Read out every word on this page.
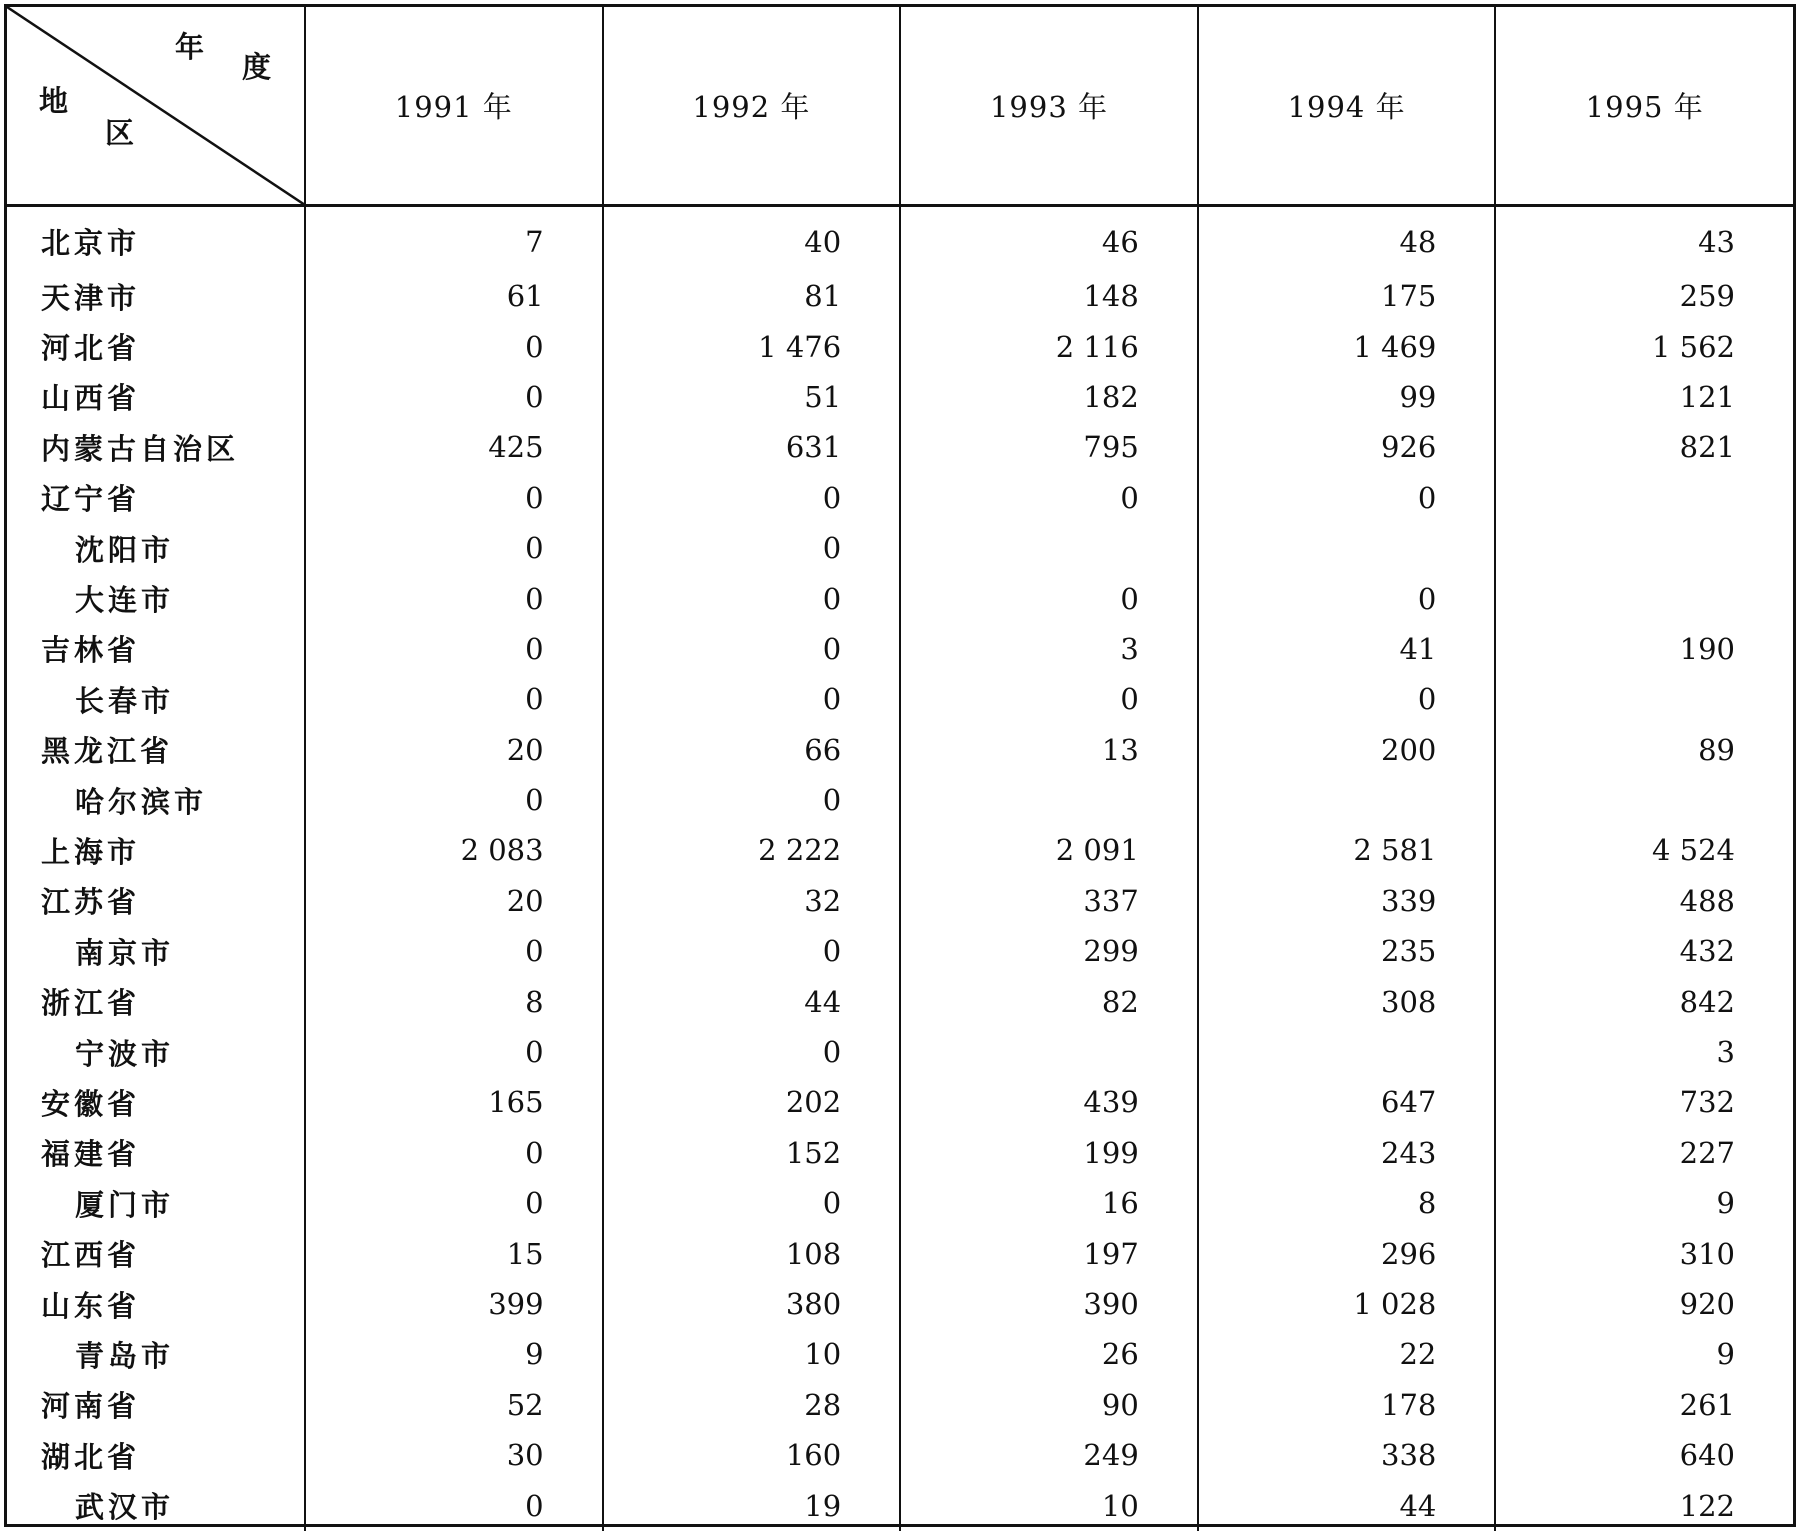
年
度
地
区	1991 年	1992 年	1993 年	1994 年	1995 年
北京市	7	40	46	48	43
天津市	61	81	148	175	259
河北省	0	1 476	2 116	1 469	1 562
山西省	0	51	182	99	121
内蒙古自治区	425	631	795	926	821
辽宁省	0	0	0	0	
沈阳市	0	0			
大连市	0	0	0	0	
吉林省	0	0	3	41	190
长春市	0	0	0	0	
黑龙江省	20	66	13	200	89
哈尔滨市	0	0			
上海市	2 083	2 222	2 091	2 581	4 524
江苏省	20	32	337	339	488
南京市	0	0	299	235	432
浙江省	8	44	82	308	842
宁波市	0	0			3
安徽省	165	202	439	647	732
福建省	0	152	199	243	227
厦门市	0	0	16	8	9
江西省	15	108	197	296	310
山东省	399	380	390	1 028	920
青岛市	9	10	26	22	9
河南省	52	28	90	178	261
湖北省	30	160	249	338	640
武汉市	0	19	10	44	122
